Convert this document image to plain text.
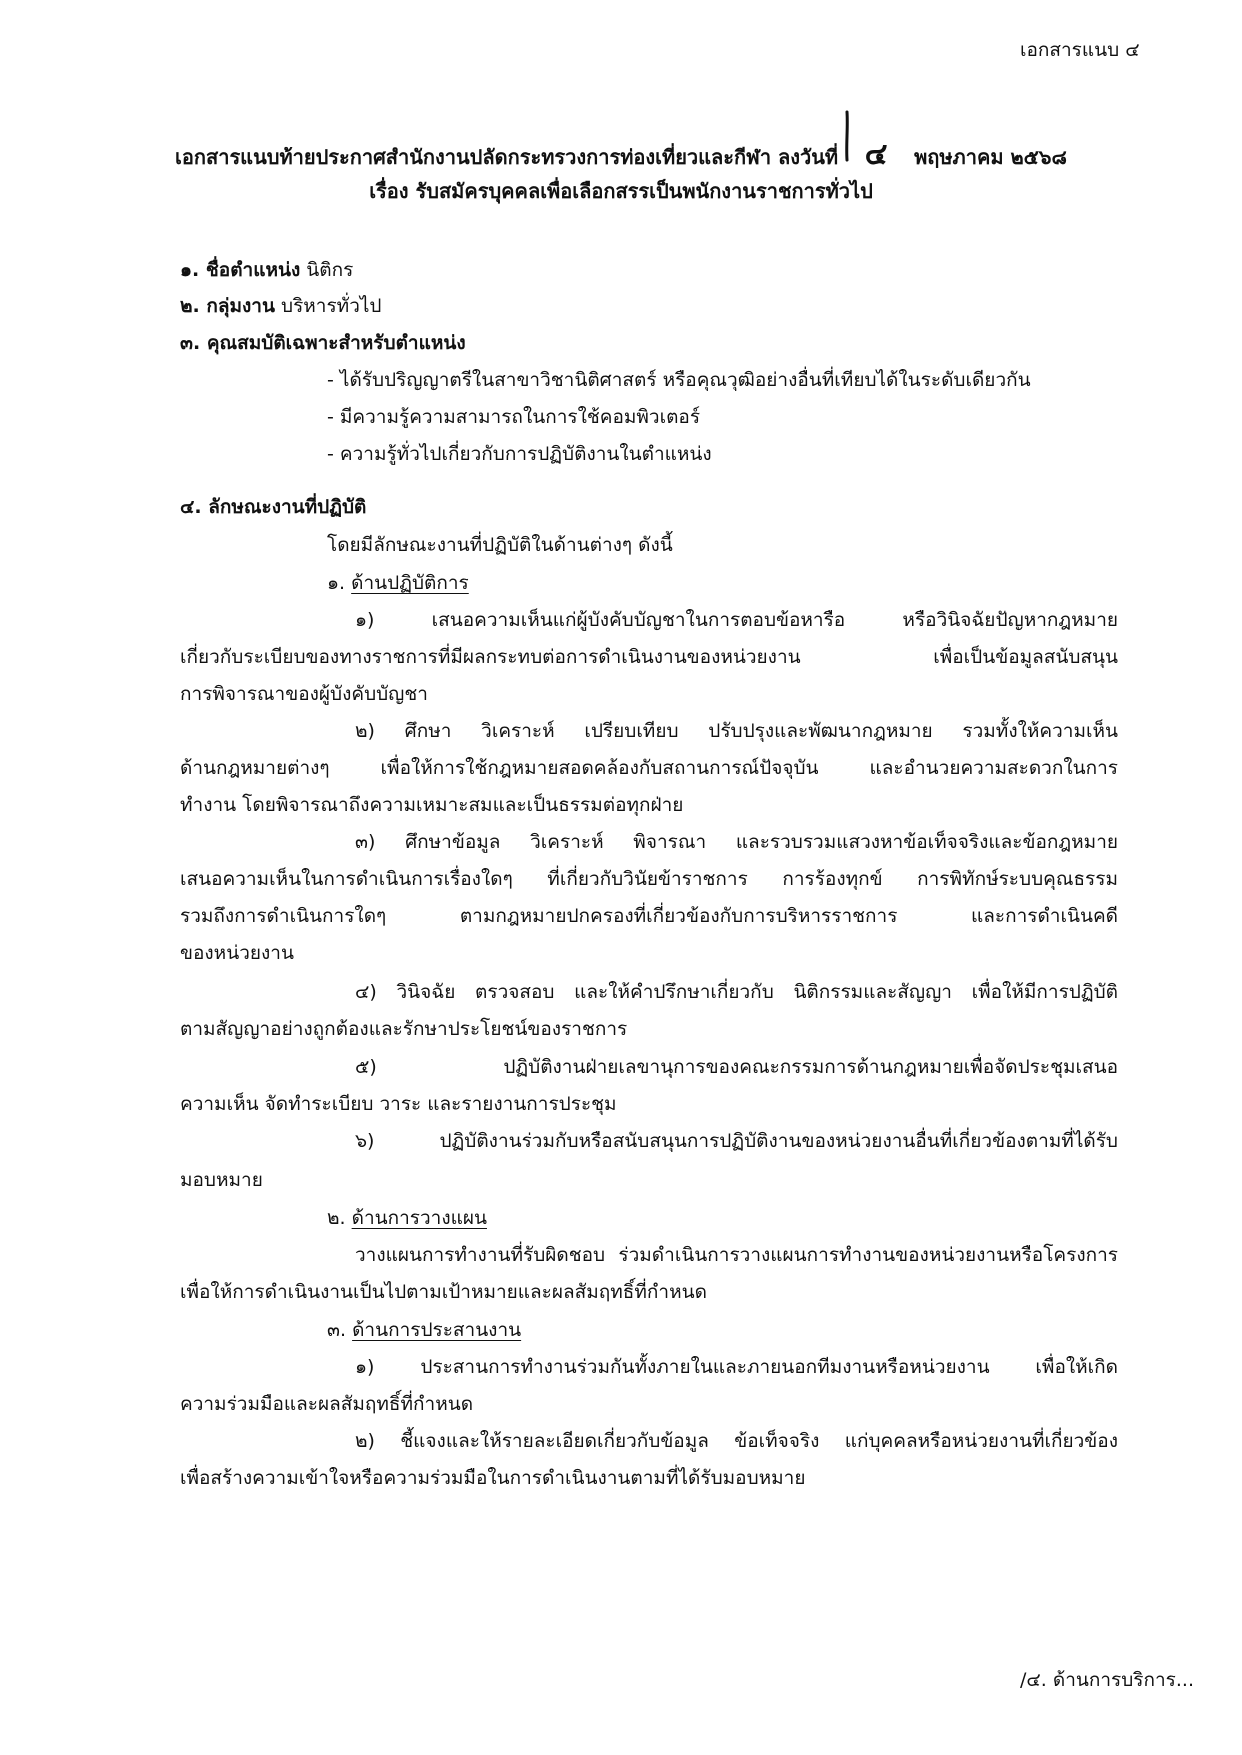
เอกสารแนบ ๔
เอกสารแนบท้ายประกาศสำนักงานปลัดกระทรวงการท่องเที่ยวและกีฬา ลงวันที่ ๔ พฤษภาคม ๒๕๖๘
เรื่อง รับสมัครบุคคลเพื่อเลือกสรรเป็นพนักงานราชการทั่วไป
๑. ชื่อตำแหน่ง นิติกร
๒. กลุ่มงาน บริหารทั่วไป
๓. คุณสมบัติเฉพาะสำหรับตำแหน่ง
- ได้รับปริญญาตรีในสาขาวิชานิติศาสตร์ หรือคุณวุฒิอย่างอื่นที่เทียบได้ในระดับเดียวกัน
- มีความรู้ความสามารถในการใช้คอมพิวเตอร์
- ความรู้ทั่วไปเกี่ยวกับการปฏิบัติงานในตำแหน่ง
๔. ลักษณะงานที่ปฏิบัติ
โดยมีลักษณะงานที่ปฏิบัติในด้านต่างๆ ดังนี้
๑. ด้านปฏิบัติการ
๑) เสนอความเห็นแก่ผู้บังคับบัญชาในการตอบข้อหารือ หรือวินิจฉัยปัญหากฎหมาย
เกี่ยวกับระเบียบของทางราชการที่มีผลกระทบต่อการดำเนินงานของหน่วยงาน เพื่อเป็นข้อมูลสนับสนุน
การพิจารณาของผู้บังคับบัญชา
๒) ศึกษา วิเคราะห์ เปรียบเทียบ ปรับปรุงและพัฒนากฎหมาย รวมทั้งให้ความเห็น
ด้านกฎหมายต่างๆ เพื่อให้การใช้กฎหมายสอดคล้องกับสถานการณ์ปัจจุบัน และอำนวยความสะดวกในการ
ทำงาน โดยพิจารณาถึงความเหมาะสมและเป็นธรรมต่อทุกฝ่าย
๓) ศึกษาข้อมูล วิเคราะห์ พิจารณา และรวบรวมแสวงหาข้อเท็จจริงและข้อกฎหมาย
เสนอความเห็นในการดำเนินการเรื่องใดๆ ที่เกี่ยวกับวินัยข้าราชการ การร้องทุกข์ การพิทักษ์ระบบคุณธรรม
รวมถึงการดำเนินการใดๆ ตามกฎหมายปกครองที่เกี่ยวข้องกับการบริหารราชการ และการดำเนินคดี
ของหน่วยงาน
๔) วินิจฉัย ตรวจสอบ และให้คำปรึกษาเกี่ยวกับ นิติกรรมและสัญญา เพื่อให้มีการปฏิบัติ
ตามสัญญาอย่างถูกต้องและรักษาประโยชน์ของราชการ
๕) ปฏิบัติงานฝ่ายเลขานุการของคณะกรรมการด้านกฎหมายเพื่อจัดประชุมเสนอ
ความเห็น จัดทำระเบียบ วาระ และรายงานการประชุม
๖) ปฏิบัติงานร่วมกับหรือสนับสนุนการปฏิบัติงานของหน่วยงานอื่นที่เกี่ยวข้องตามที่ได้รับ
มอบหมาย
๒. ด้านการวางแผน
วางแผนการทำงานที่รับผิดชอบ ร่วมดำเนินการวางแผนการทำงานของหน่วยงานหรือโครงการ
เพื่อให้การดำเนินงานเป็นไปตามเป้าหมายและผลสัมฤทธิ์ที่กำหนด
๓. ด้านการประสานงาน
๑) ประสานการทำงานร่วมกันทั้งภายในและภายนอกทีมงานหรือหน่วยงาน เพื่อให้เกิด
ความร่วมมือและผลสัมฤทธิ์ที่กำหนด
๒) ชี้แจงและให้รายละเอียดเกี่ยวกับข้อมูล ข้อเท็จจริง แก่บุคคลหรือหน่วยงานที่เกี่ยวข้อง
เพื่อสร้างความเข้าใจหรือความร่วมมือในการดำเนินงานตามที่ได้รับมอบหมาย
/๔. ด้านการบริการ...
